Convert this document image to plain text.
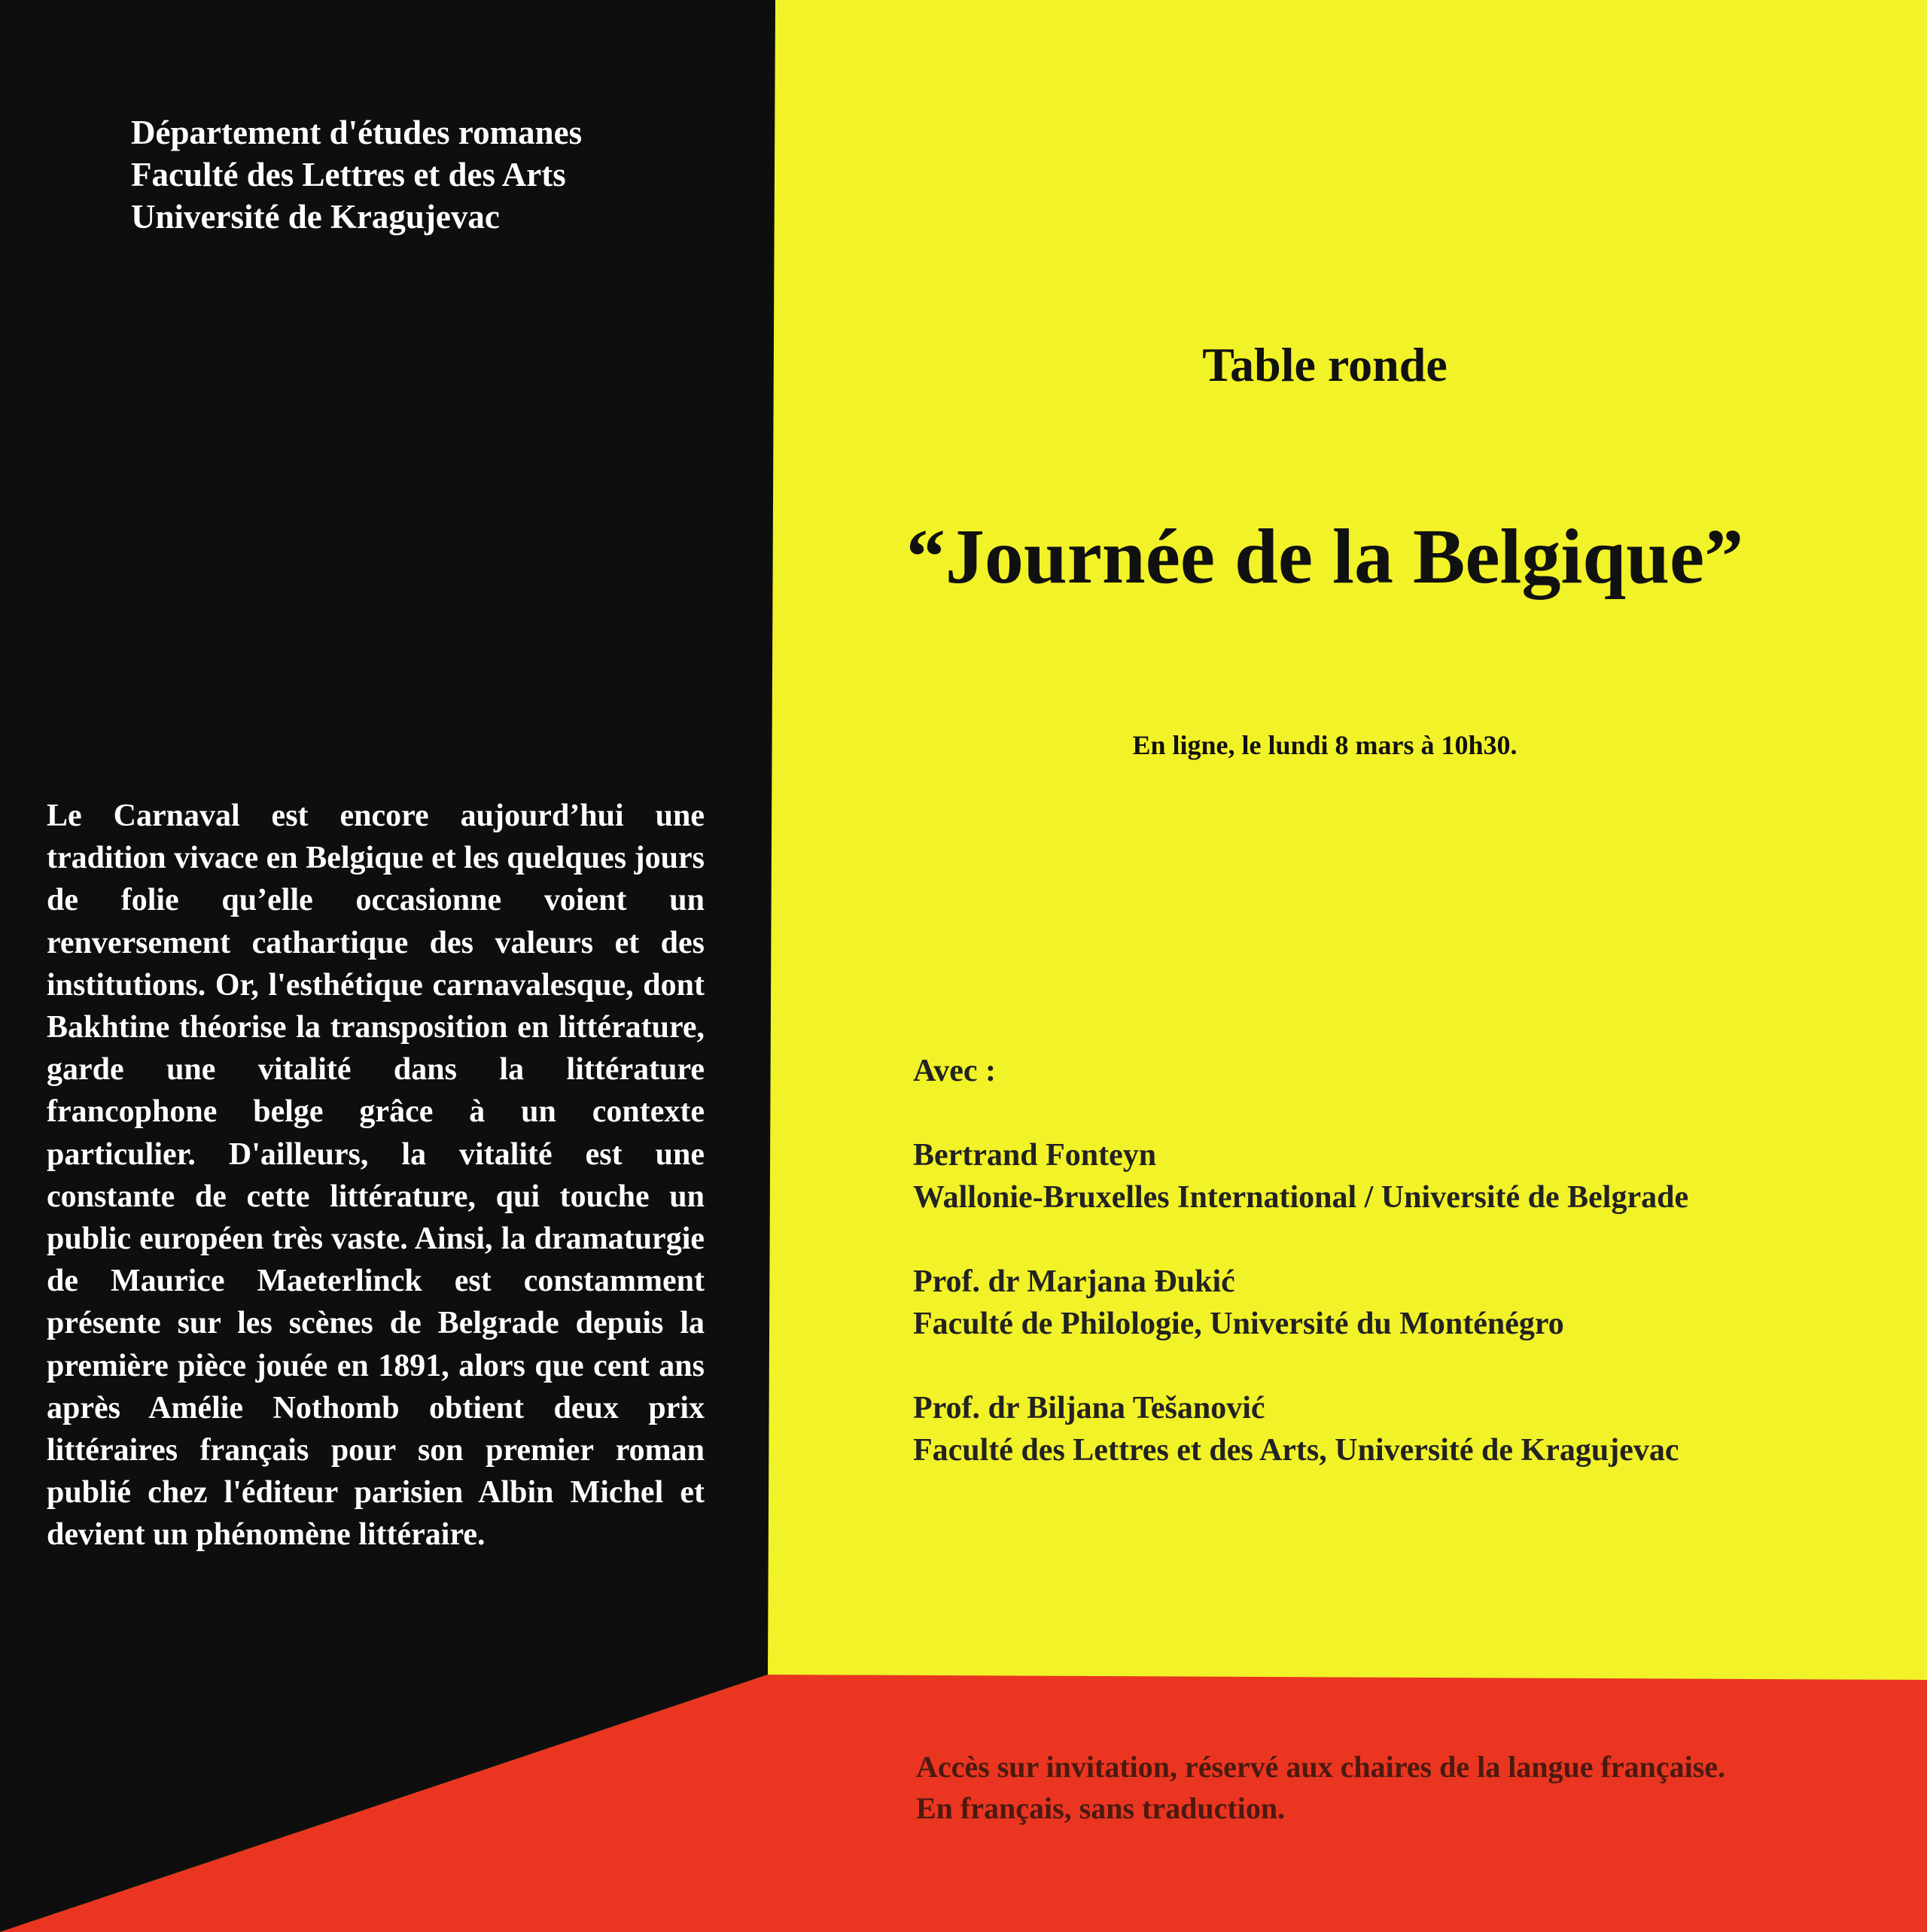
Département d'études romanes
Faculté des Lettres et des Arts
Université de Kragujevac
Le Carnaval est encore aujourd’hui une tradition vivace en Belgique et les quelques jours de folie qu’elle occasionne voient un renversement cathartique des valeurs et des institutions. Or, l'esthétique carnavalesque, dont Bakhtine théorise la transposition en littérature, garde une vitalité dans la littérature francophone belge grâce à un contexte particulier. D'ailleurs, la vitalité est une constante de cette littérature, qui touche un public européen très vaste. Ainsi, la dramaturgie de Maurice Maeterlinck est constamment présente sur les scènes de Belgrade depuis la première pièce jouée en 1891, alors que cent ans après Amélie Nothomb obtient deux prix littéraires français pour son premier roman publié chez l'éditeur parisien Albin Michel et devient un phénomène littéraire.
Table ronde
“Journée de la Belgique”
En ligne, le lundi 8 mars à 10h30.
Avec :
Bertrand Fonteyn
Wallonie-Bruxelles International / Université de Belgrade
Prof. dr Marjana Đukić
Faculté de Philologie, Université du Monténégro
Prof. dr Biljana Tešanović
Faculté des Lettres et des Arts, Université de Kragujevac
Accès sur invitation, réservé aux chaires de la langue française.
En français, sans traduction.
